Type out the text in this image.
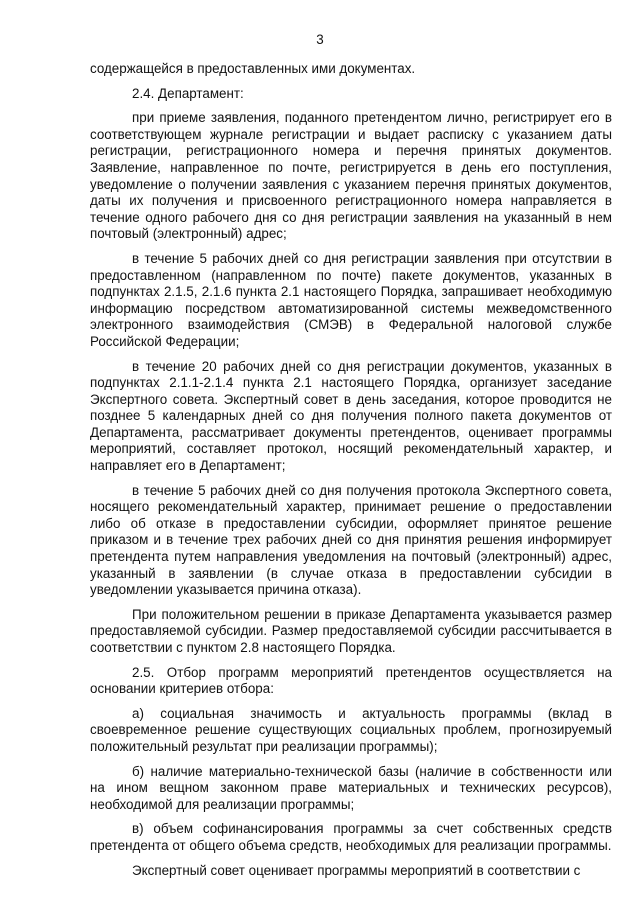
3

содержащейся в предоставленных ими документах.

2.4. Департамент:

при приеме заявления, поданного претендентом лично, регистрирует его в соответствующем журнале регистрации и выдает расписку с указанием даты регистрации, регистрационного номера и перечня принятых документов. Заявление, направленное по почте, регистрируется в день его поступления, уведомление о получении заявления с указанием перечня принятых документов, даты их получения и присвоенного регистрационного номера направляется в течение одного рабочего дня со дня регистрации заявления на указанный в нем почтовый (электронный) адрес;

в течение 5 рабочих дней со дня регистрации заявления при отсутствии в предоставленном (направленном по почте) пакете документов, указанных в подпунктах 2.1.5, 2.1.6 пункта 2.1 настоящего Порядка, запрашивает необходимую информацию посредством автоматизированной системы межведомственного электронного взаимодействия (СМЭВ) в Федеральной налоговой службе Российской Федерации;

в течение 20 рабочих дней со дня регистрации документов, указанных в подпунктах 2.1.1-2.1.4 пункта 2.1 настоящего Порядка, организует заседание Экспертного совета. Экспертный совет в день заседания, которое проводится не позднее 5 календарных дней со дня получения полного пакета документов от Департамента, рассматривает документы претендентов, оценивает программы мероприятий, составляет протокол, носящий рекомендательный характер, и направляет его в Департамент;

в течение 5 рабочих дней со дня получения протокола Экспертного совета, носящего рекомендательный характер, принимает решение о предоставлении либо об отказе в предоставлении субсидии, оформляет принятое решение приказом и в течение трех рабочих дней со дня принятия решения информирует претендента путем направления уведомления на почтовый (электронный) адрес, указанный в заявлении (в случае отказа в предоставлении субсидии в уведомлении указывается причина отказа).

При положительном решении в приказе Департамента указывается размер предоставляемой субсидии. Размер предоставляемой субсидии рассчитывается в соответствии с пунктом 2.8 настоящего Порядка.

2.5. Отбор программ мероприятий претендентов осуществляется на основании критериев отбора:

а) социальная значимость и актуальность программы (вклад в своевременное решение существующих социальных проблем, прогнозируемый положительный результат при реализации программы);

б) наличие материально-технической базы (наличие в собственности или на ином вещном законном праве материальных и технических ресурсов), необходимой для реализации программы;

в) объем софинансирования программы за счет собственных средств претендента от общего объема средств, необходимых для реализации программы.

Экспертный совет оценивает программы мероприятий в соответствии с
